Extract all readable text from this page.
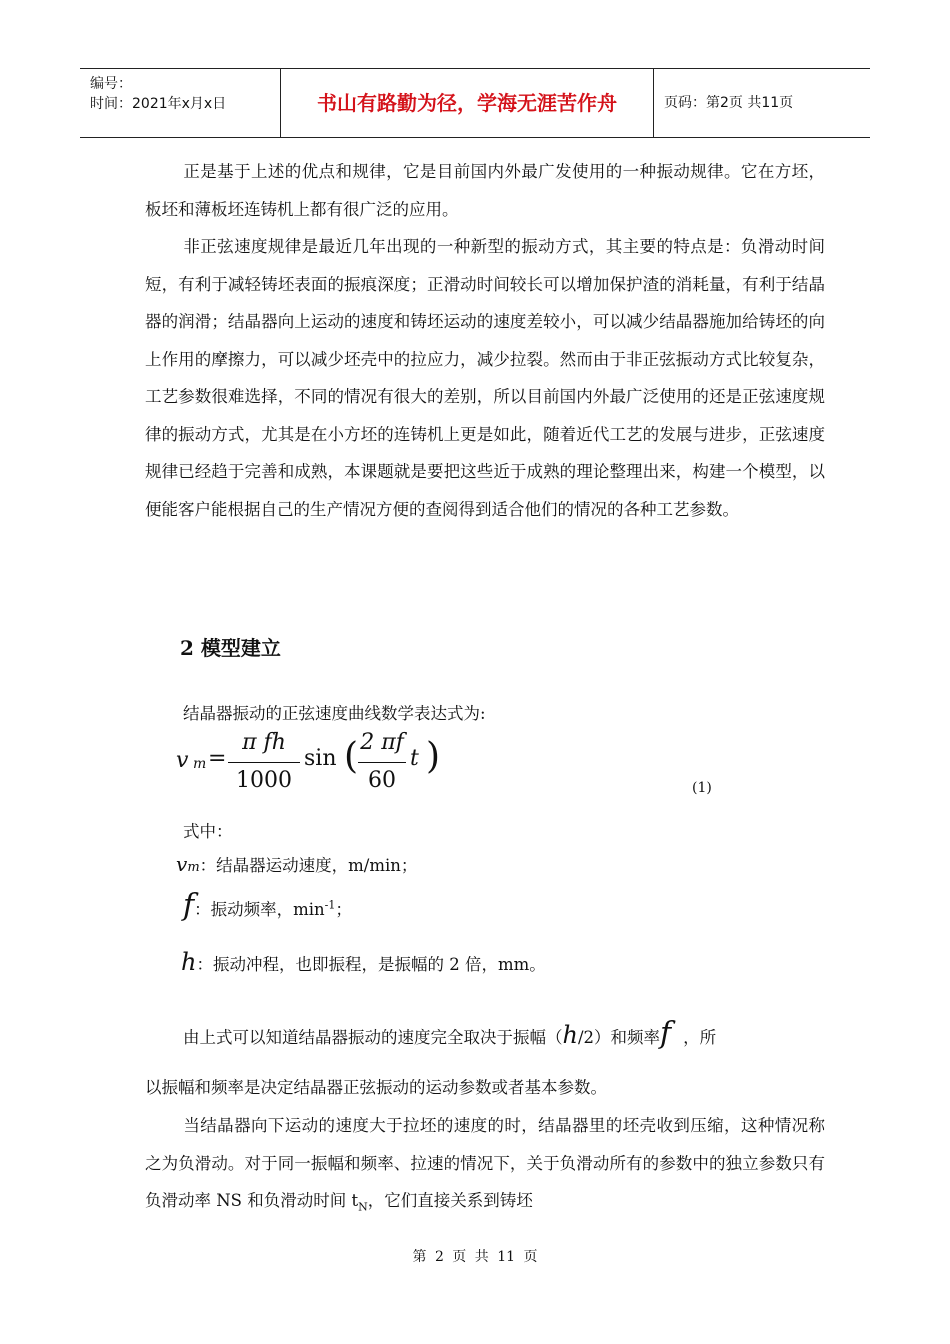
编号：
时间：2021年x月x日	书山有路勤为径，学海无涯苦作舟	页码：第2页 共11页

正是基于上述的优点和规律，它是目前国内外最广发使用的一种振动规律。它在方坯，板坯和薄板坯连铸机上都有很广泛的应用。

非正弦速度规律是最近几年出现的一种新型的振动方式，其主要的特点是：负滑动时间短，有利于减轻铸坯表面的振痕深度；正滑动时间较长可以增加保护渣的消耗量，有利于结晶器的润滑；结晶器向上运动的速度和铸坯运动的速度差较小，可以减少结晶器施加给铸坯的向上作用的摩擦力，可以减少坯壳中的拉应力，减少拉裂。然而由于非正弦振动方式比较复杂，工艺参数很难选择，不同的情况有很大的差别，所以目前国内外最广泛使用的还是正弦速度规律的振动方式，尤其是在小方坯的连铸机上更是如此，随着近代工艺的发展与进步，正弦速度规律已经趋于完善和成熟，本课题就是要把这些近于成熟的理论整理出来，构建一个模型，以便能客户能根据自己的生产情况方便的查阅得到适合他们的情况的各种工艺参数。

2 模型建立

结晶器振动的正弦速度曲线数学表达式为:

v m =
π fh
1000
sin ( 2 πf
60
t )
(1)

式中：

vm：结晶器运动速度，m/min；

f：振动频率，$\min^{-1}$；

h：振动冲程，也即振程，是振幅的 2 倍，mm。

由上式可以知道结晶器振动的速度完全取决于振幅（h/2）和频率f ，所

以振幅和频率是决定结晶器正弦振动的运动参数或者基本参数。

当结晶器向下运动的速度大于拉坯的速度的时，结晶器里的坯壳收到压缩，这种情况称之为负滑动。对于同一振幅和频率、拉速的情况下，关于负滑动所有的参数中的独立参数只有负滑动率 NS 和负滑动时间 $t_N$，它们直接关系到铸坯

第 2 页 共 11 页
